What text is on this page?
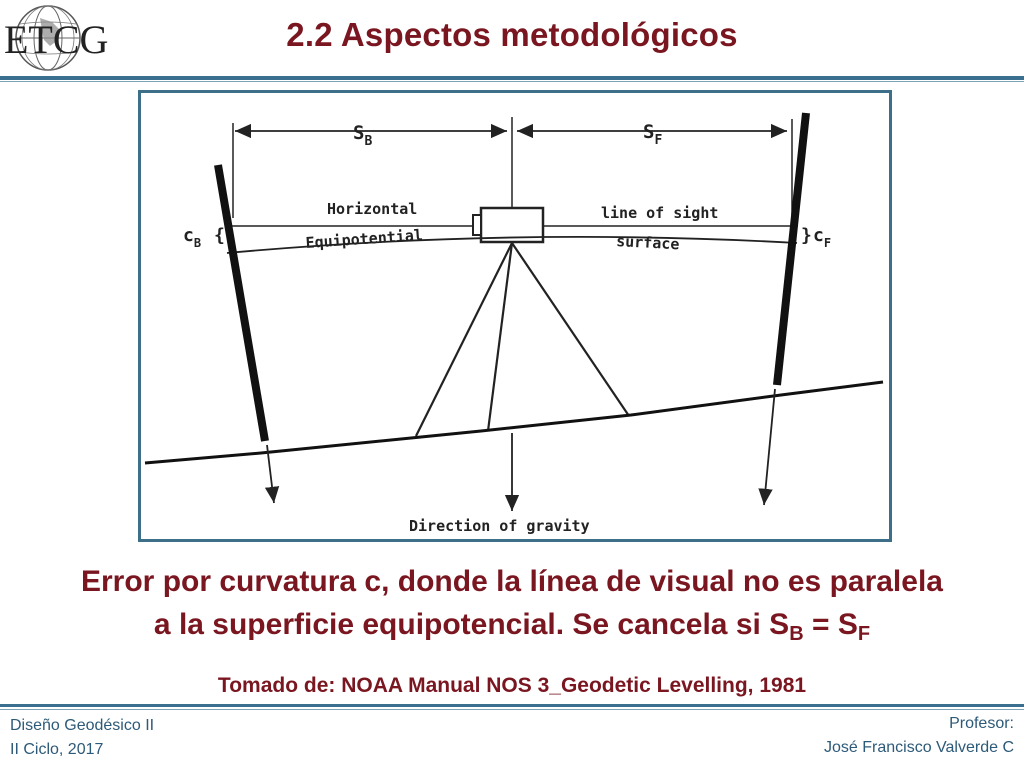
ETCG	2.2 Aspectos metodológicos
$S_B$	$S_F$
Horizontal	line of sight
Equipotential	surface
$c_B$ {	} $c_F$
Direction of gravity
Error por curvatura c, donde la línea de visual no es paralela
a la superficie equipotencial. Se cancela si $S_B = S_F$
Tomado de: NOAA Manual NOS 3_Geodetic Levelling, 1981
Diseño Geodésico II
II Ciclo, 2017
Profesor:
José Francisco Valverde C
